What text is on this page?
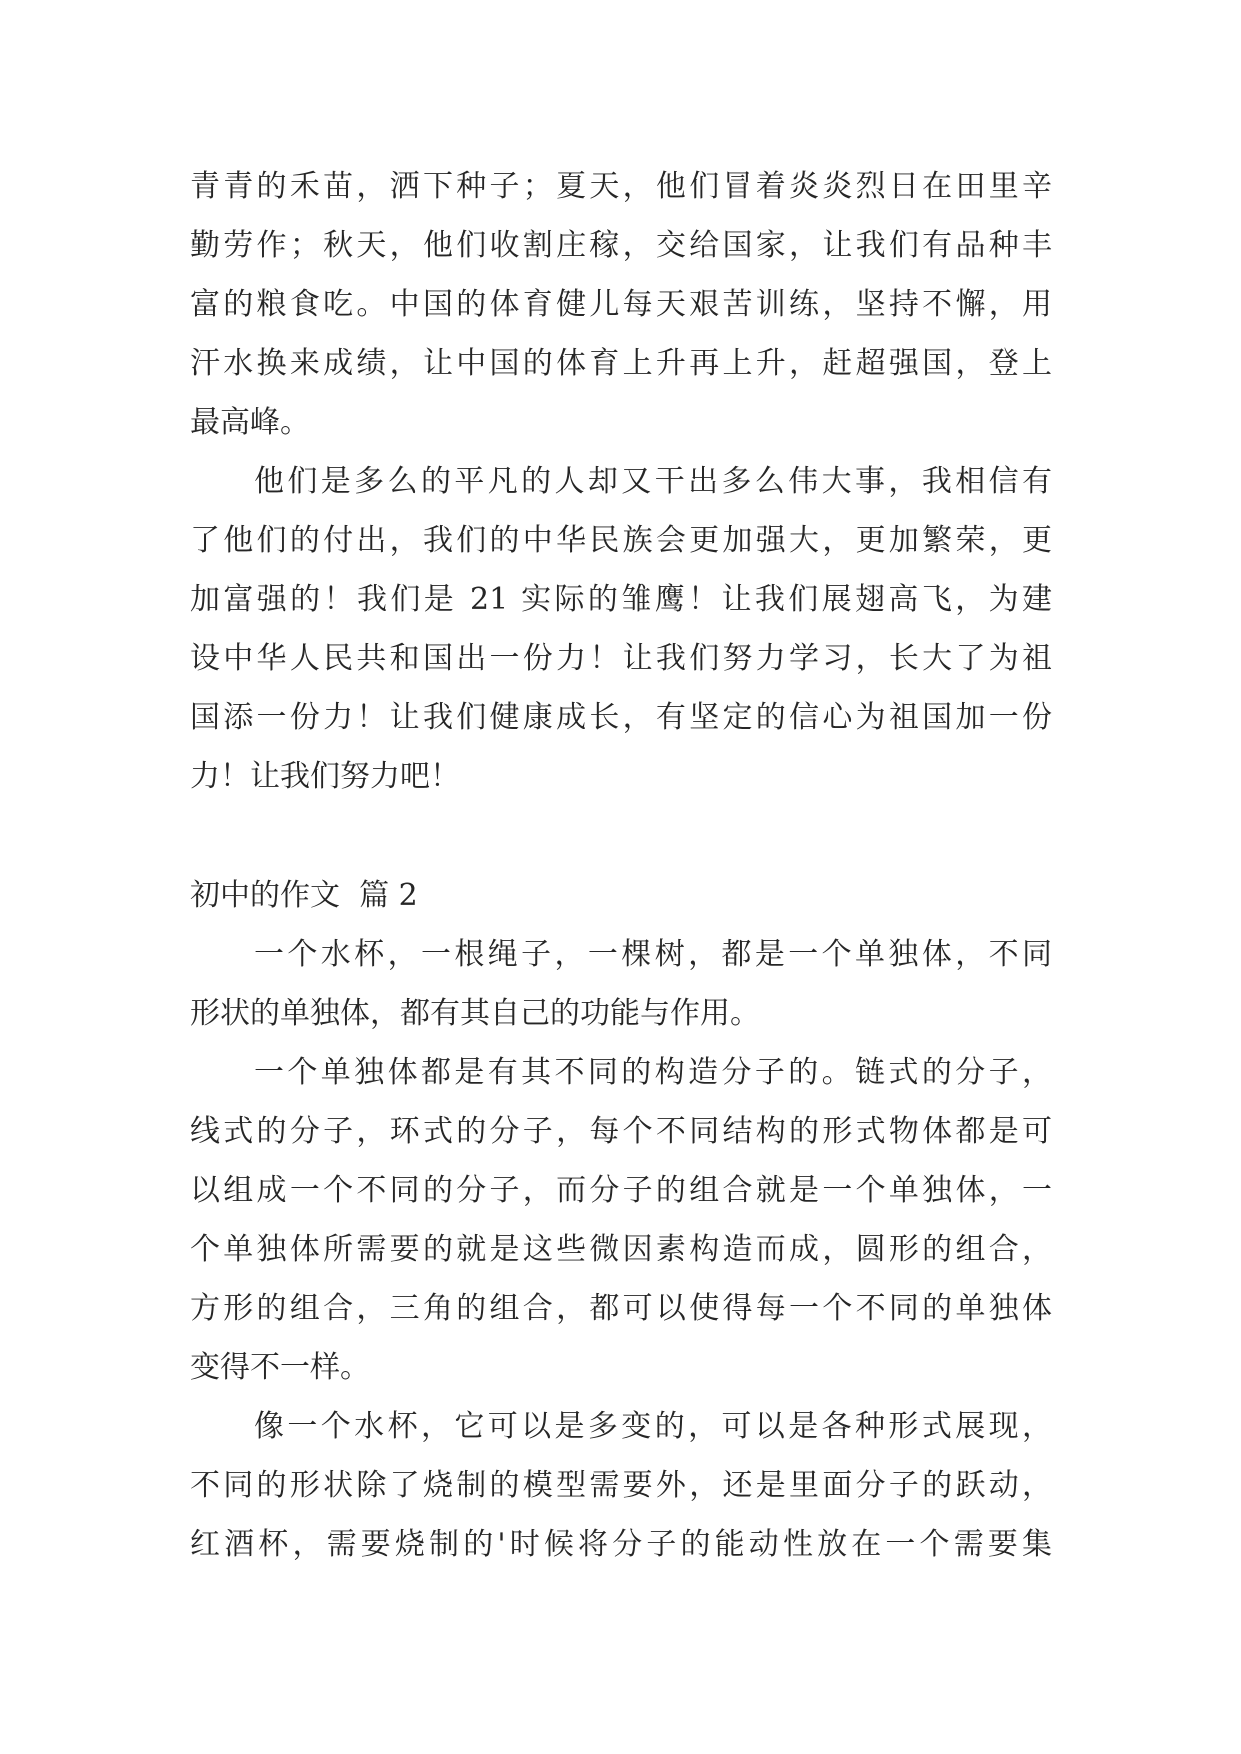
青青的禾苗，洒下种子；夏天，他们冒着炎炎烈日在田里辛
勤劳作；秋天，他们收割庄稼，交给国家，让我们有品种丰
富的粮食吃。中国的体育健儿每天艰苦训练，坚持不懈，用
汗水换来成绩，让中国的体育上升再上升，赶超强国，登上
最高峰。
他们是多么的平凡的人却又干出多么伟大事，我相信有
了他们的付出，我们的中华民族会更加强大，更加繁荣，更
加富强的！我们是 21 实际的雏鹰！让我们展翅高飞，为建
设中华人民共和国出一份力！让我们努力学习，长大了为祖
国添一份力！让我们健康成长，有坚定的信心为祖国加一份
力！让我们努力吧！
初中的作文  篇 2
一个水杯，一根绳子，一棵树，都是一个单独体，不同
形状的单独体，都有其自己的功能与作用。
一个单独体都是有其不同的构造分子的。链式的分子，
线式的分子，环式的分子，每个不同结构的形式物体都是可
以组成一个不同的分子，而分子的组合就是一个单独体，一
个单独体所需要的就是这些微因素构造而成，圆形的组合，
方形的组合，三角的组合，都可以使得每一个不同的单独体
变得不一样。
像一个水杯，它可以是多变的，可以是各种形式展现，
不同的形状除了烧制的模型需要外，还是里面分子的跃动，
红酒杯，需要烧制的'时候将分子的能动性放在一个需要集
